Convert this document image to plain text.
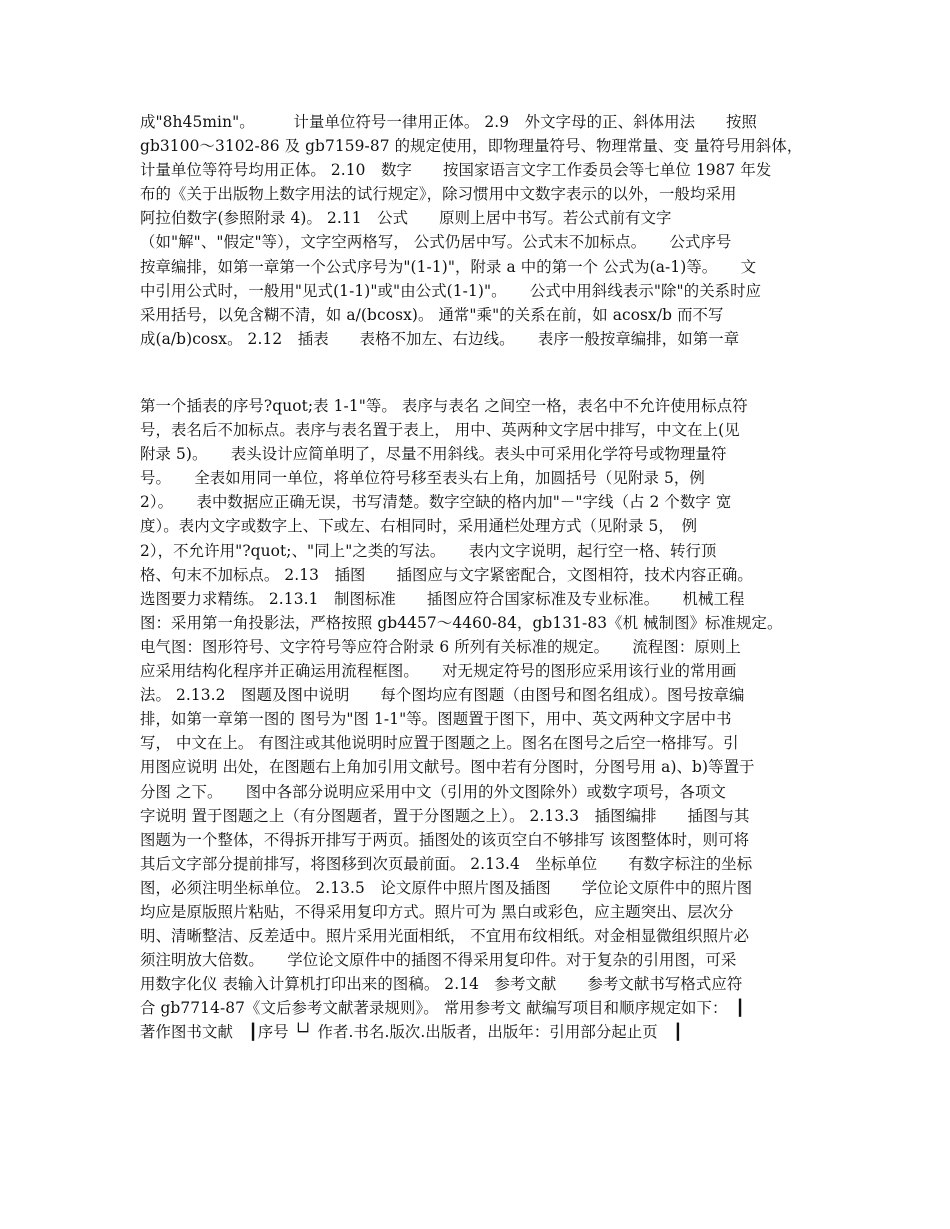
成"8h45min"。　　　计量单位符号一律用正体。 2.9　外文字母的正、斜体用法　　按照
gb3100～3102-86 及 gb7159-87 的规定使用，即物理量符号、物理常量、变 量符号用斜体，
计量单位等符号均用正体。 2.10　数字　　按国家语言文字工作委员会等七单位 1987 年发
布的《关于出版物上数字用法的试行规定》，除习惯用中文数字表示的以外，一般均采用
阿拉伯数字(参照附录 4)。 2.11　公式　　原则上居中书写。若公式前有文字
（如"解"、"假定"等），文字空两格写， 公式仍居中写。公式末不加标点。　　公式序号
按章编排，如第一章第一个公式序号为"(1-1)"，附录 a 中的第一个 公式为(a-1)等。　　文
中引用公式时，一般用"见式(1-1)"或"由公式(1-1)"。　　公式中用斜线表示"除"的关系时应
采用括号，以免含糊不清，如 a/(bcosx)。 通常"乘"的关系在前，如 acosx/b 而不写
成(a/b)cosx。 2.12　插表　　表格不加左、右边线。　　表序一般按章编排，如第一章
第一个插表的序号?quot;表 1-1"等。 表序与表名 之间空一格，表名中不允许使用标点符
号，表名后不加标点。表序与表名置于表上， 用中、英两种文字居中排写，中文在上(见
附录 5)。　　表头设计应简单明了，尽量不用斜线。表头中可采用化学符号或物理量符
号。　　全表如用同一单位，将单位符号移至表头右上角，加圆括号（见附录 5，例
2）。　　表中数据应正确无误，书写清楚。数字空缺的格内加"－"字线（占 2 个数字 宽
度）。表内文字或数字上、下或左、右相同时，采用通栏处理方式（见附录 5，　例
2），不允许用"?quot;、"同上"之类的写法。　　表内文字说明，起行空一格、转行顶
格、句末不加标点。 2.13　插图　　插图应与文字紧密配合，文图相符，技术内容正确。
选图要力求精练。 2.13.1　制图标准　　插图应符合国家标准及专业标准。　　机械工程
图：采用第一角投影法，严格按照 gb4457～4460-84，gb131-83《机 械制图》标准规定。
电气图：图形符号、文字符号等应符合附录 6 所列有关标准的规定。　　流程图：原则上
应采用结构化程序并正确运用流程框图。　　对无规定符号的图形应采用该行业的常用画
法。 2.13.2　图题及图中说明　　每个图均应有图题（由图号和图名组成）。图号按章编
排，如第一章第一图的 图号为"图 1-1"等。图题置于图下，用中、英文两种文字居中书
写， 中文在上。 有图注或其他说明时应置于图题之上。图名在图号之后空一格排写。引
用图应说明 出处，在图题右上角加引用文献号。图中若有分图时，分图号用 a)、b)等置于
分图 之下。　　图中各部分说明应采用中文（引用的外文图除外）或数字项号，各项文
字说明 置于图题之上（有分图题者，置于分图题之上）。 2.13.3　插图编排　　插图与其
图题为一个整体，不得拆开排写于两页。插图处的该页空白不够排写 该图整体时，则可将
其后文字部分提前排写，将图移到次页最前面。 2.13.4　坐标单位　　有数字标注的坐标
图，必须注明坐标单位。 2.13.5　论文原件中照片图及插图　　学位论文原件中的照片图
均应是原版照片粘贴，不得采用复印方式。照片可为 黑白或彩色，应主题突出、层次分
明、清晰整洁、反差适中。照片采用光面相纸， 不宜用布纹相纸。对金相显微组织照片必
须注明放大倍数。　　学位论文原件中的插图不得采用复印件。对于复杂的引用图，可采
用数字化仪 表输入计算机打印出来的图稿。 2.14　参考文献　　参考文献书写格式应符
合 gb7714-87《文后参考文献著录规则》。 常用参考文 献编写项目和顺序规定如下：　┃
著作图书文献　┃序号 └┘ 作者.书名.版次.出版者，出版年：引用部分起止页　┃
